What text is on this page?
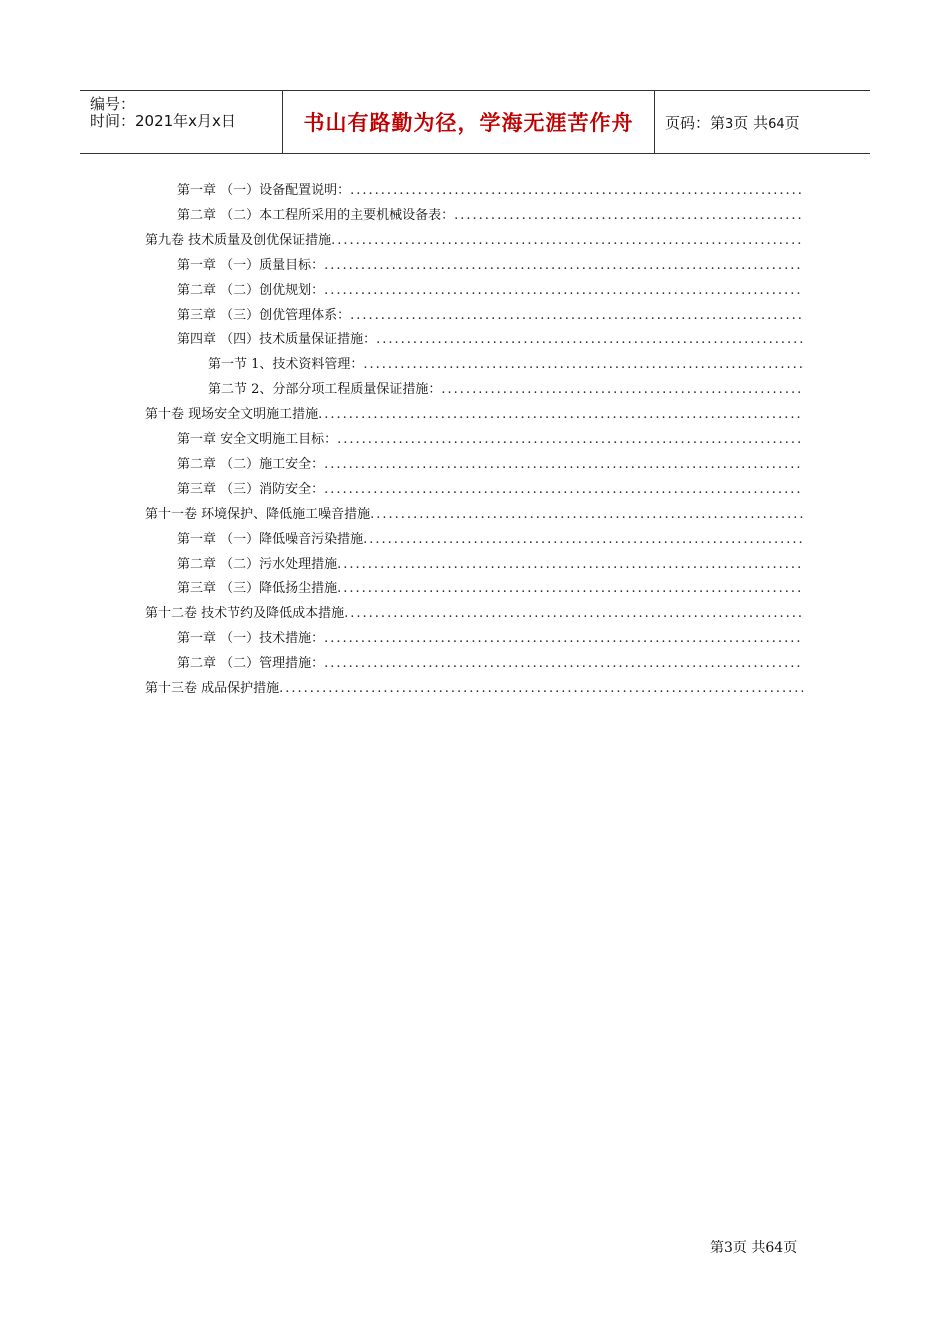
编号：
时间：2021年x月x日	书山有路勤为径，学海无涯苦作舟 页码：第3页 共64页
第一章 （一）设备配置说明：
.....
第二章 （二）本工程所采用的主要机械设备表：
.....
第九卷 技术质量及创优保证措施
.....
第一章 （一）质量目标：
.....
第二章 （二）创优规划：
.....
第三章 （三）创优管理体系：
.....
第四章 （四）技术质量保证措施：
.....
第一节 1、技术资料管理：
.....
第二节 2、分部分项工程质量保证措施：
.....
第十卷 现场安全文明施工措施
.....
第一章 安全文明施工目标：
.....
第二章 （二）施工安全：
.....
第三章 （三）消防安全：
.....
第十一卷 环境保护、降低施工噪音措施
.....
第一章 （一）降低噪音污染措施
.....
第二章 （二）污水处理措施
.....
第三章 （三）降低扬尘措施
.....
第十二卷 技术节约及降低成本措施
.....
第一章 （一）技术措施：
.....
第二章 （二）管理措施：
.....
第十三卷 成品保护措施
.....
第3页 共64页
